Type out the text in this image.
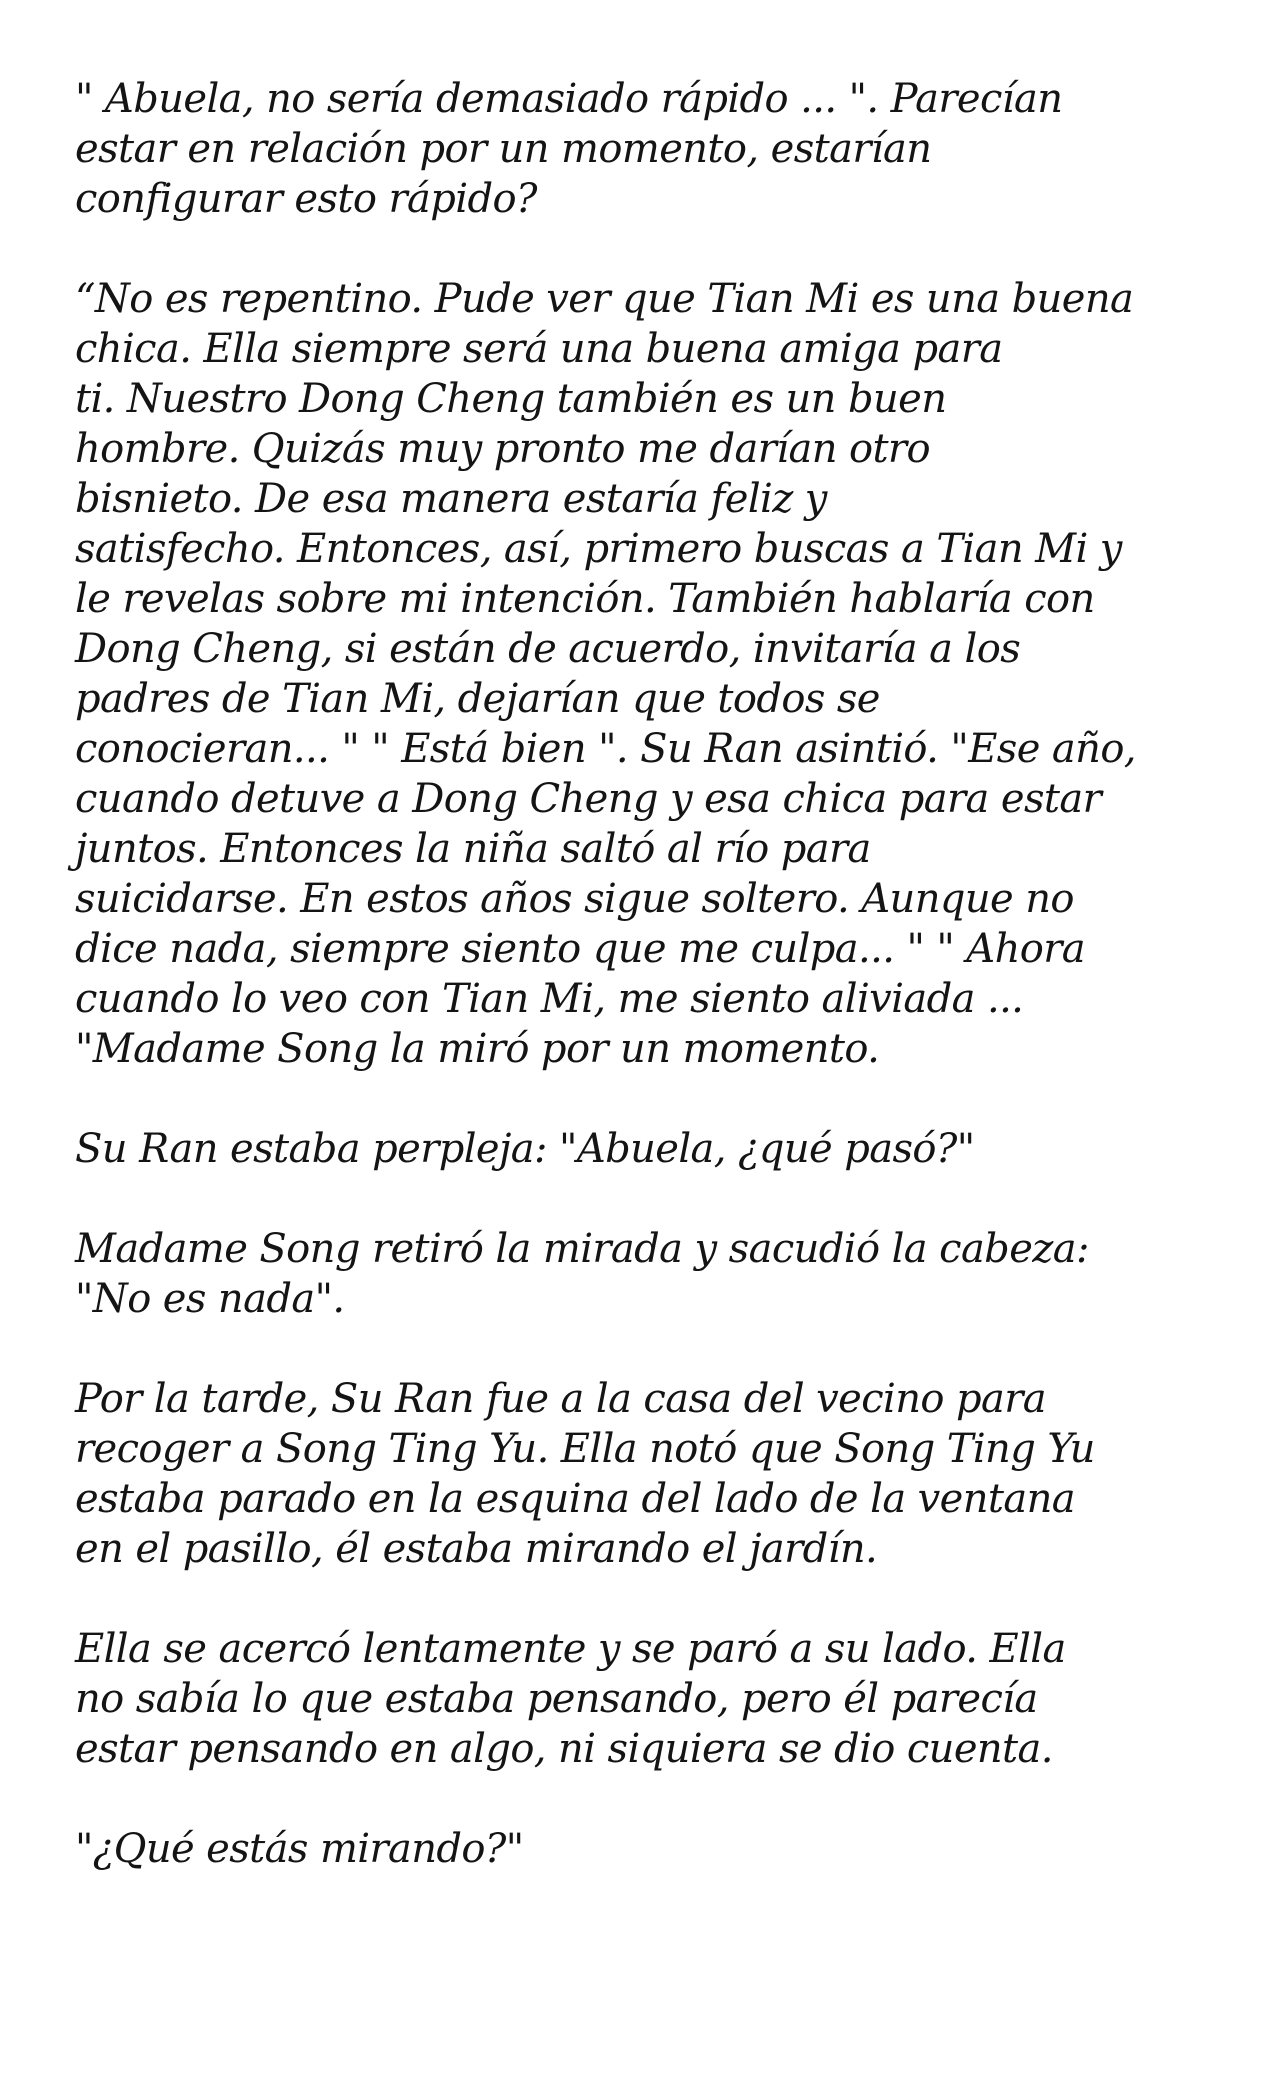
" Abuela, no sería demasiado rápido ... ". Parecían
estar en relación por un momento, estarían
configurar esto rápido?

“No es repentino. Pude ver que Tian Mi es una buena
chica. Ella siempre será una buena amiga para
ti. Nuestro Dong Cheng también es un buen
hombre. Quizás muy pronto me darían otro
bisnieto. De esa manera estaría feliz y
satisfecho. Entonces, así, primero buscas a Tian Mi y
le revelas sobre mi intención. También hablaría con
Dong Cheng, si están de acuerdo, invitaría a los
padres de Tian Mi, dejarían que todos se
conocieran... " " Está bien ". Su Ran asintió. "Ese año,
cuando detuve a Dong Cheng y esa chica para estar
juntos. Entonces la niña saltó al río para
suicidarse. En estos años sigue soltero. Aunque no
dice nada, siempre siento que me culpa... " " Ahora
cuando lo veo con Tian Mi, me siento aliviada ...
"Madame Song la miró por un momento.

Su Ran estaba perpleja: "Abuela, ¿qué pasó?"

Madame Song retiró la mirada y sacudió la cabeza:
"No es nada".

Por la tarde, Su Ran fue a la casa del vecino para
recoger a Song Ting Yu. Ella notó que Song Ting Yu
estaba parado en la esquina del lado de la ventana
en el pasillo, él estaba mirando el jardín.

Ella se acercó lentamente y se paró a su lado. Ella
no sabía lo que estaba pensando, pero él parecía
estar pensando en algo, ni siquiera se dio cuenta.

"¿Qué estás mirando?"
